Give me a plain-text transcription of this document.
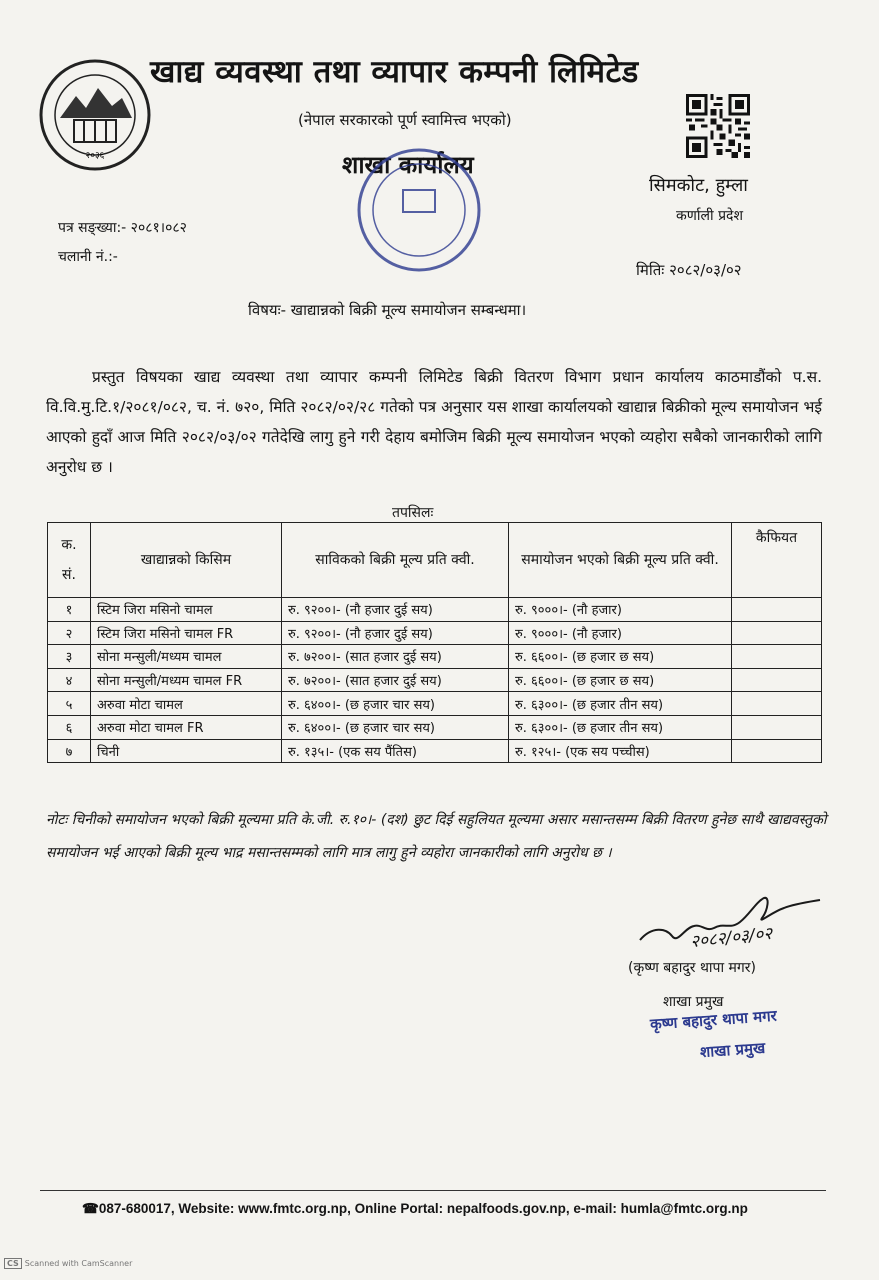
२०३६
खाद्य व्यवस्था तथा व्यापार कम्पनी लिमिटेड
(नेपाल सरकारको पूर्ण स्वामित्त्व भएको)
शाखा कार्यालय
सिमकोट, हुम्ला
कर्णाली प्रदेश
पत्र सङ्ख्या:- २०८१।०८२
चलानी नं.:-
मितिः २०८२/०३/०२
विषयः- खाद्यान्नको बिक्री मूल्य समायोजन सम्बन्धमा।
प्रस्तुत विषयका खाद्य व्यवस्था तथा व्यापार कम्पनी लिमिटेड बिक्री वितरण विभाग प्रधान कार्यालय काठमाडौंको प.स. वि.वि.मु.टि.१/२०८१/०८२, च. नं. ७२०, मिति २०८२/०२/२८ गतेको पत्र अनुसार यस शाखा कार्यालयको खाद्यान्न बिक्रीको मूल्य समायोजन भई आएको हुदाँ आज मिति २०८२/०३/०२ गतेदेखि लागु हुने गरी देहाय बमोजिम बिक्री मूल्य समायोजन भएको व्यहोरा सबैको जानकारीको लागि अनुरोध छ ।
तपसिलः
क. सं.	खाद्यान्नको किसिम	साविकको बिक्री मूल्य प्रति क्वी.	समायोजन भएको बिक्री मूल्य प्रति क्वी.	कैफियत
१	स्टिम जिरा मसिनो चामल	रु. ९२००।- (नौ हजार दुई सय)	रु. ९०००।- (नौ हजार)	
२	स्टिम जिरा मसिनो चामल FR	रु. ९२००।- (नौ हजार दुई सय)	रु. ९०००।- (नौ हजार)	
३	सोना मन्सुली/मध्यम चामल	रु. ७२००।- (सात हजार दुई सय)	रु. ६६००।- (छ हजार छ सय)	
४	सोना मन्सुली/मध्यम चामल FR	रु. ७२००।- (सात हजार दुई सय)	रु. ६६००।- (छ हजार छ सय)	
५	अरुवा मोटा चामल	रु. ६४००।- (छ हजार चार सय)	रु. ६३००।- (छ हजार तीन सय)	
६	अरुवा मोटा चामल FR	रु. ६४००।- (छ हजार चार सय)	रु. ६३००।- (छ हजार तीन सय)	
७	चिनी	रु. १३५।- (एक सय पैंतिस)	रु. १२५।- (एक सय पच्चीस)	
नोटः चिनीको समायोजन भएको बिक्री मूल्यमा प्रति के.जी. रु.१०।- (दश) छुट दिई सहुलियत मूल्यमा असार मसान्तसम्म बिक्री वितरण हुनेछ साथै खाद्यवस्तुको समायोजन भई आएको बिक्री मूल्य भाद्र मसान्तसम्मको लागि मात्र लागु हुने व्यहोरा जानकारीको लागि अनुरोध छ ।
२०८२/०३/०२
(कृष्ण बहादुर थापा मगर)
शाखा प्रमुख
कृष्ण बहादुर थापा मगर
शाखा प्रमुख
☎087-680017, Website: www.fmtc.org.np, Online Portal: nepalfoods.gov.np, e-mail: humla@fmtc.org.np
CS Scanned with CamScanner
